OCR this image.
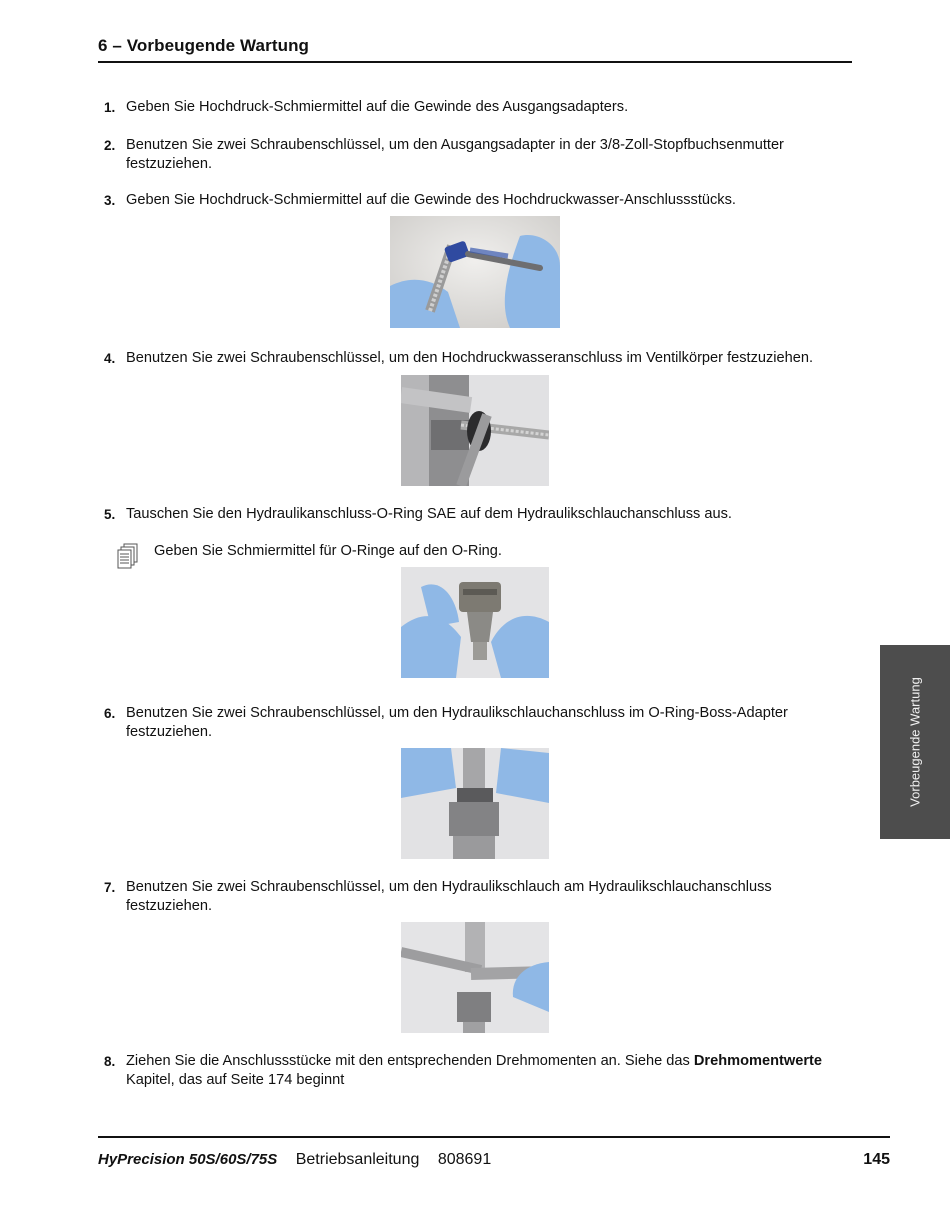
6 – Vorbeugende Wartung
1. Geben Sie Hochdruck-Schmiermittel auf die Gewinde des Ausgangsadapters.
2. Benutzen Sie zwei Schraubenschlüssel, um den Ausgangsadapter in der 3/8-Zoll-Stopfbuchsenmutter festzuziehen.
3. Geben Sie Hochdruck-Schmiermittel auf die Gewinde des Hochdruckwasser-Anschlussstücks.
4. Benutzen Sie zwei Schraubenschlüssel, um den Hochdruckwasseranschluss im Ventilkörper festzuziehen.
5. Tauschen Sie den Hydraulikanschluss-O-Ring SAE auf dem Hydraulikschlauchanschluss aus.
Geben Sie Schmiermittel für O-Ringe auf den O-Ring.
6. Benutzen Sie zwei Schraubenschlüssel, um den Hydraulikschlauchanschluss im O-Ring-Boss-Adapter festzuziehen.
7. Benutzen Sie zwei Schraubenschlüssel, um den Hydraulikschlauch am Hydraulikschlauchanschluss festzuziehen.
8. Ziehen Sie die Anschlussstücke mit den entsprechenden Drehmomenten an. Siehe das Drehmomentwerte Kapitel, das auf Seite 174 beginnt
Vorbeugende Wartung
HyPrecision 50S/60S/75S Betriebsanleitung 808691	145
